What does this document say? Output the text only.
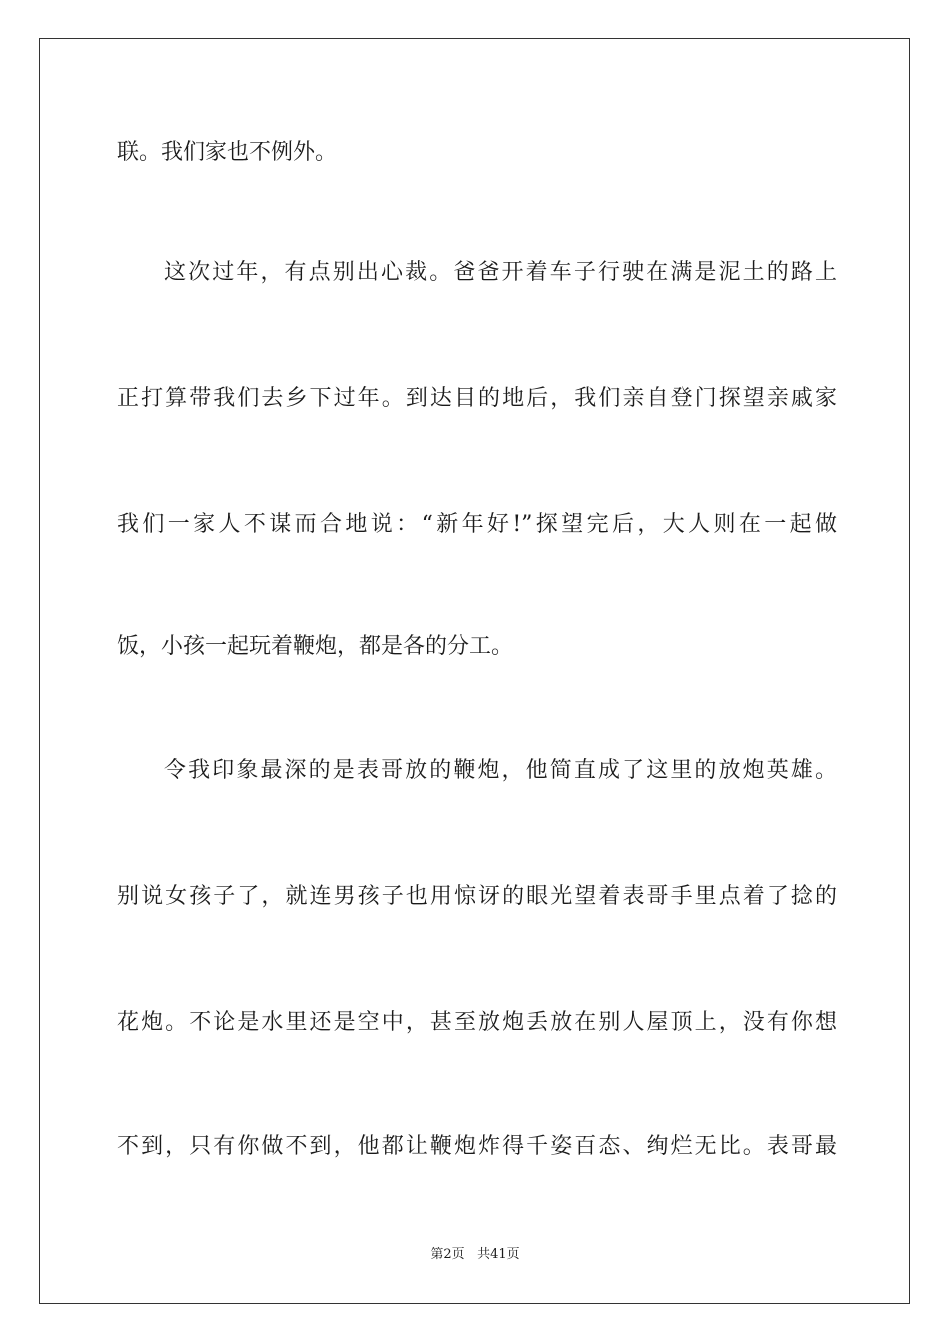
联。我们家也不例外。
这次过年，有点别出心裁。爸爸开着车子行驶在满是泥土的路上
正打算带我们去乡下过年。到达目的地后，我们亲自登门探望亲戚家
我们一家人不谋而合地说：“新年好!”探望完后，大人则在一起做
饭，小孩一起玩着鞭炮，都是各的分工。
令我印象最深的是表哥放的鞭炮，他简直成了这里的放炮英雄。
别说女孩子了，就连男孩子也用惊讶的眼光望着表哥手里点着了捻的
花炮。不论是水里还是空中，甚至放炮丢放在别人屋顶上，没有你想
不到，只有你做不到，他都让鞭炮炸得千姿百态、绚烂无比。表哥最
第2页 共41页
